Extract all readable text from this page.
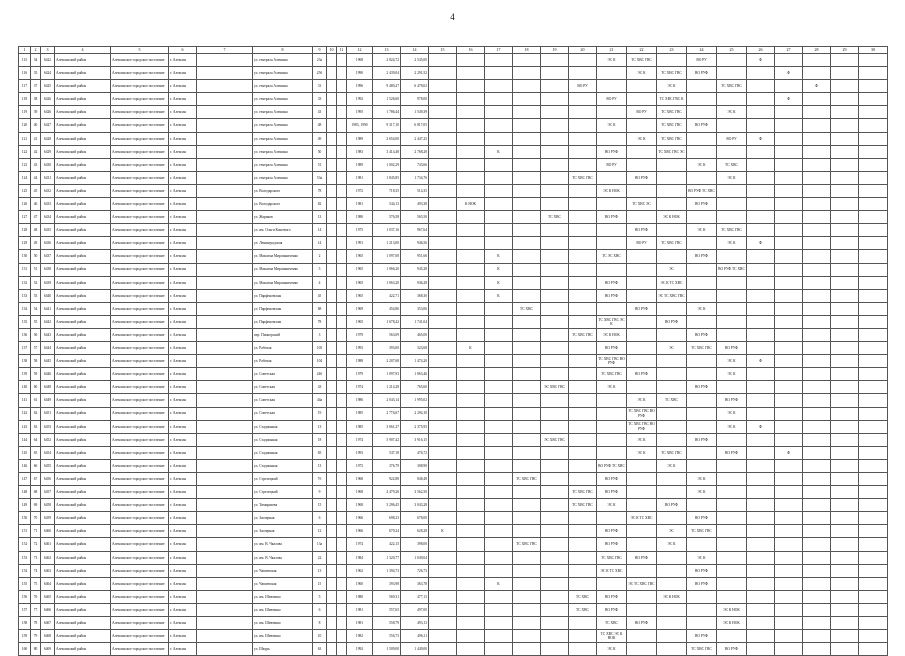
4
1	2	3	4	5	6	7	8	9	10	11	12	13	14	15	16	17	18	19	20	21	22	23	24	25	26	27	28	29	30
115	34	6422	Алексинский район	Алексинское городское поселение	г. Алексин		ул. генерала Алешина	23а			1968	2 824,72	2 545,00							ЭС К	ТС ХВС ГВС		ВО РУ		Ф				
116	35	6424	Алексинский район	Алексинское городское поселение	г. Алексин		ул. генерала Алешина	25б			1990	2 439,04	2 291,52								ЭС К	ТС ХВС ГВС	ВО РУФ			Ф			
117	37	6425	Алексинский район	Алексинское городское поселение	г. Алексин		ул. генерала Алешина	31			1996	9 480,27	6 478,02						ВО РУ			ЭС К		ТС ХВС ГВС			Ф		
118	38	6426	Алексинский район	Алексинское городское поселение	г. Алексин		ул. генерала Алешина	33			1992	1 526,60	978,00							ВО РУ		ТС ХВС ГВС К				Ф			
119	39	6426	Алексинский район	Алексинское городское поселение	г. Алексин		ул. генерала Алешина	43			1995	1 786,44	1 549,39								ВО РУ	ТС ХВС ГВС		ЭС К					
120	40	6427	Алексинский район	Алексинское городское поселение	г. Алексин		ул. генерала Алешина	48			1983, 1990	9 317,10	6 817,05							ЭС К		ТС ХВС ГВС	ВО РУФ						
121	41	6428	Алексинский район	Алексинское городское поселение	г. Алексин		ул. генерала Алешина	49			1989	2 654,00	2 447,25								ЭС К	ТС ХВС ГВС		ВО РУ	Ф				
122	42	6429	Алексинский район	Алексинское городское поселение	г. Алексин		ул. генерала Алешина	50			1983	3 414,48	2 768,20			К				ВО РУФ		ТС ХВС ГВС ЭС							
123	43	6430	Алексинский район	Алексинское городское поселение	г. Алексин		ул. генерала Алешина	51			1989	1 002,29	743,66							ВО РУ			ЭС К	ТС ХВС					
124	44	6431	Алексинский район	Алексинское городское поселение	г. Алексин		ул. генерала Алешина	53а			1981	1 845,85	1 734,76						ТС ХВС ГВС		ВО РУФ			ЭС К					
125	45	6432	Алексинский район	Алексинское городское поселение	г. Алексин		ул. Володарского	78			1972	718,35	514,35							ЭС К НОК			ВО РУФ ТС ХВС						
126	46	6433	Алексинский район	Алексинское городское поселение	г. Алексин		ул. Володарского	82			1981	544,13	493,38		К НОК						ТС ХВС ЭС		ВО РУФ						
127	47	6434	Алексинский район	Алексинское городское поселение	г. Алексин		ул. Жариков	13			1980	576,58	565,50					ТС ХВС		ВО РУФ		ЭС К НОК							
128	48	6435	Алексинский район	Алексинское городское поселение	г. Алексин		ул. им. Ольги Кошевого	14			1975	1 037,16	967,64								ВО РУФ		ЭС К	ТС ХВС ГВС					
129	49	6436	Алексинский район	Алексинское городское поселение	г. Алексин		ул. Ленинградская	14			1991	1 213,00	946,56								ВО РУ	ТС ХВС ГВС		ЭС К	Ф				
130	50	6437	Алексинский район	Алексинское городское поселение	г. Алексин		ул. Максима Мирошниченко	2			1965	1 097,08	951,66			К				ТС ЭС ХВС			ВО РУФ						
131	51	6438	Алексинский район	Алексинское городское поселение	г. Алексин		ул. Максима Мирошниченко	3			1965	1 066,20	945,28			К						ЭС		ВО РУФ ТС ХВС					
132	52	6439	Алексинский район	Алексинское городское поселение	г. Алексин		ул. Максима Мирошниченко	4			1965	1 063,20	946,28			К				ВО РУФ		ЭС К ТС ХВС							
133	53	6440	Алексинский район	Алексинское городское поселение	г. Алексин		ул. Парфеновская	45			1965	422,71	368,30			К				ВО РУФ		ЭС ТС ХВС ГВС							
134	54	6441	Алексинский район	Алексинское городское поселение	г. Алексин		ул. Парфеновская	68			1969	454,86	353,06				ТС ХВС				ВО РУФ		ЭС К						
135	55	6442	Алексинский район	Алексинское городское поселение	г. Алексин		ул. Парфеновская	78			1965	1 678,42	1 741,04							ТС ХВС ГВС ЭС К		ВО РУФ							
136	56	6443	Алексинский район	Алексинское городское поселение	г. Алексин		пер. Пионерский	3			1979	563,09	465,00						ТС ХВС ГВС	ЭС К НОК			ВО РУФ						
137	57	6444	Алексинский район	Алексинское городское поселение	г. Алексин		ул. Рабочая	105			1993	393,00	323,68		К					ВО РУФ		ЭС	ТС ХВС ГВС	ВО РУФ					
138	58	6445	Алексинский район	Алексинское городское поселение	г. Алексин		ул. Рабочая	104			1988	2 207,68	1 474,20							ТС ХВС ГВС ВО РУФ				ЭС К	Ф				
139	59	6446	Алексинский район	Алексинское городское поселение	г. Алексин		ул. Советская	24б			1979	1 097,93	1 863,46							ТС ХВС ГВС	ВО РУФ			ЭС К					
140	60	6448	Алексинский район	Алексинское городское поселение	г. Алексин		ул. Советская	43			1974	1 214,28	765,60					ЭС ХВС ГВС		ЭС К			ВО РУФ						
141	61	6449	Алексинский район	Алексинское городское поселение	г. Алексин		ул. Советская	44а			1986	2 043,14	1 995,02								ЭС К	ТС ХВС		ВО РУФ					
142	62	6451	Алексинский район	Алексинское городское поселение	г. Алексин		ул. Советская	19			1985	2 774,67	2 294,10								ТС ХВС ГВС ВО РУФ			ЭС К					
143	63	6453	Алексинский район	Алексинское городское поселение	г. Алексин		ул. Стадионная	13			1985	3 061,27	2 375,95								ТС ХВС ГВС ВО РУФ			ЭС К	Ф				
144	64	6452	Алексинский район	Алексинское городское поселение	г. Алексин		ул. Стадионная	18			1974	5 907,42	3 916,15					ЭС ХВС ГВС			ЭС К		ВО РУФ						
145	65	6454	Алексинский район	Алексинское городское поселение	г. Алексин		ул. Стадионная	65			1993	547,18	476,72								ЭС К	ТС ХВС ГВС		ВО РУФ		Ф			
146	66	6455	Алексинский район	Алексинское городское поселение	г. Алексин		ул. Стадионная	13			1973	376,79	308,90							ВО РУФ ТС ХВС		ЭС К							
147	67	6456	Алексинский район	Алексинское городское поселение	г. Алексин		ул. Стрелецкий	7б			1968	922,88	848,48				ТС ХВС ГВС			ВО РУФ			ЭС К						
148	68	6457	Алексинский район	Алексинское городское поселение	г. Алексин		ул. Стрелецкий	9			1968	4 479,26	3 562,50						ТС ХВС ГВС	ВО РУФ			ЭС К						
149	69	6458	Алексинский район	Алексинское городское поселение	г. Алексин		ул. Тимирязева	15			1968	3 296,45	3 043,28						ТС ХВС ГВС	ЭС К		ВО РУФ							
150	70	6459	Алексинский район	Алексинское городское поселение	г. Алексин		ул. Заозерная	6			1966	698,23	678,00								ЭС К ТС ХВС		ВО РУФ						
151	71	6460	Алексинский район	Алексинское городское поселение	г. Алексин		ул. Заозерная	12			1966	679,24	628,28	К						ВО РУФ		ЭС	ТС ХВС ГВС						
152	72	6461	Алексинский район	Алексинское городское поселение	г. Алексин		ул. им. В. Чкалова	13а			1974	422,15	398,00				ТС ХВС ГВС			ВО РУФ		ЭС К							
153	73	6462	Алексинский район	Алексинское городское поселение	г. Алексин		ул. им. В. Чкалова	22			1984	1 320,77	1 049,04							ТС ХВС ГВС	ВО РУФ		ЭС К						
154	74	6463	Алексинский район	Алексинское городское поселение	г. Алексин		ул. Чапаевская	13			1962	1 394,73	726,73							ЭС К ТС ХВС			ВО РУФ						
155	75	6464	Алексинский район	Алексинское городское поселение	г. Алексин		ул. Чапаевская	15			1960	393,98	363,78			К					ЭС ТС ХВС ГВС		ВО РУФ						
156	76	6465	Алексинский район	Алексинское городское поселение	г. Алексин		ул. им. Шевченко	5			1980	569,31	477,13						ТС ХВС	ВО РУФ		ЭС К НОК							
157	77	6466	Алексинский район	Алексинское городское поселение	г. Алексин		ул. им. Шевченко	6			1981	557,65	497,00						ТС ХВС	ВО РУФ				ЭС К НОК					
158	78	6467	Алексинский район	Алексинское городское поселение	г. Алексин		ул. им. Шевченко	8			1981	558,79	493,13							ТС ХВС	ВО РУФ			ЭС К НОК					
159	79	6468	Алексинский район	Алексинское городское поселение	г. Алексин		ул. им. Шевченко	10			1982	556,73	496,11							ТС ХВС ЭС К НОК			ВО РУФ						
160	80	6469	Алексинский район	Алексинское городское поселение	г. Алексин		ул. Шкурь	63			1992	1 509,00	1 449,00							ЭС К			ТС ХВС ГВС	ВО РУФ					
